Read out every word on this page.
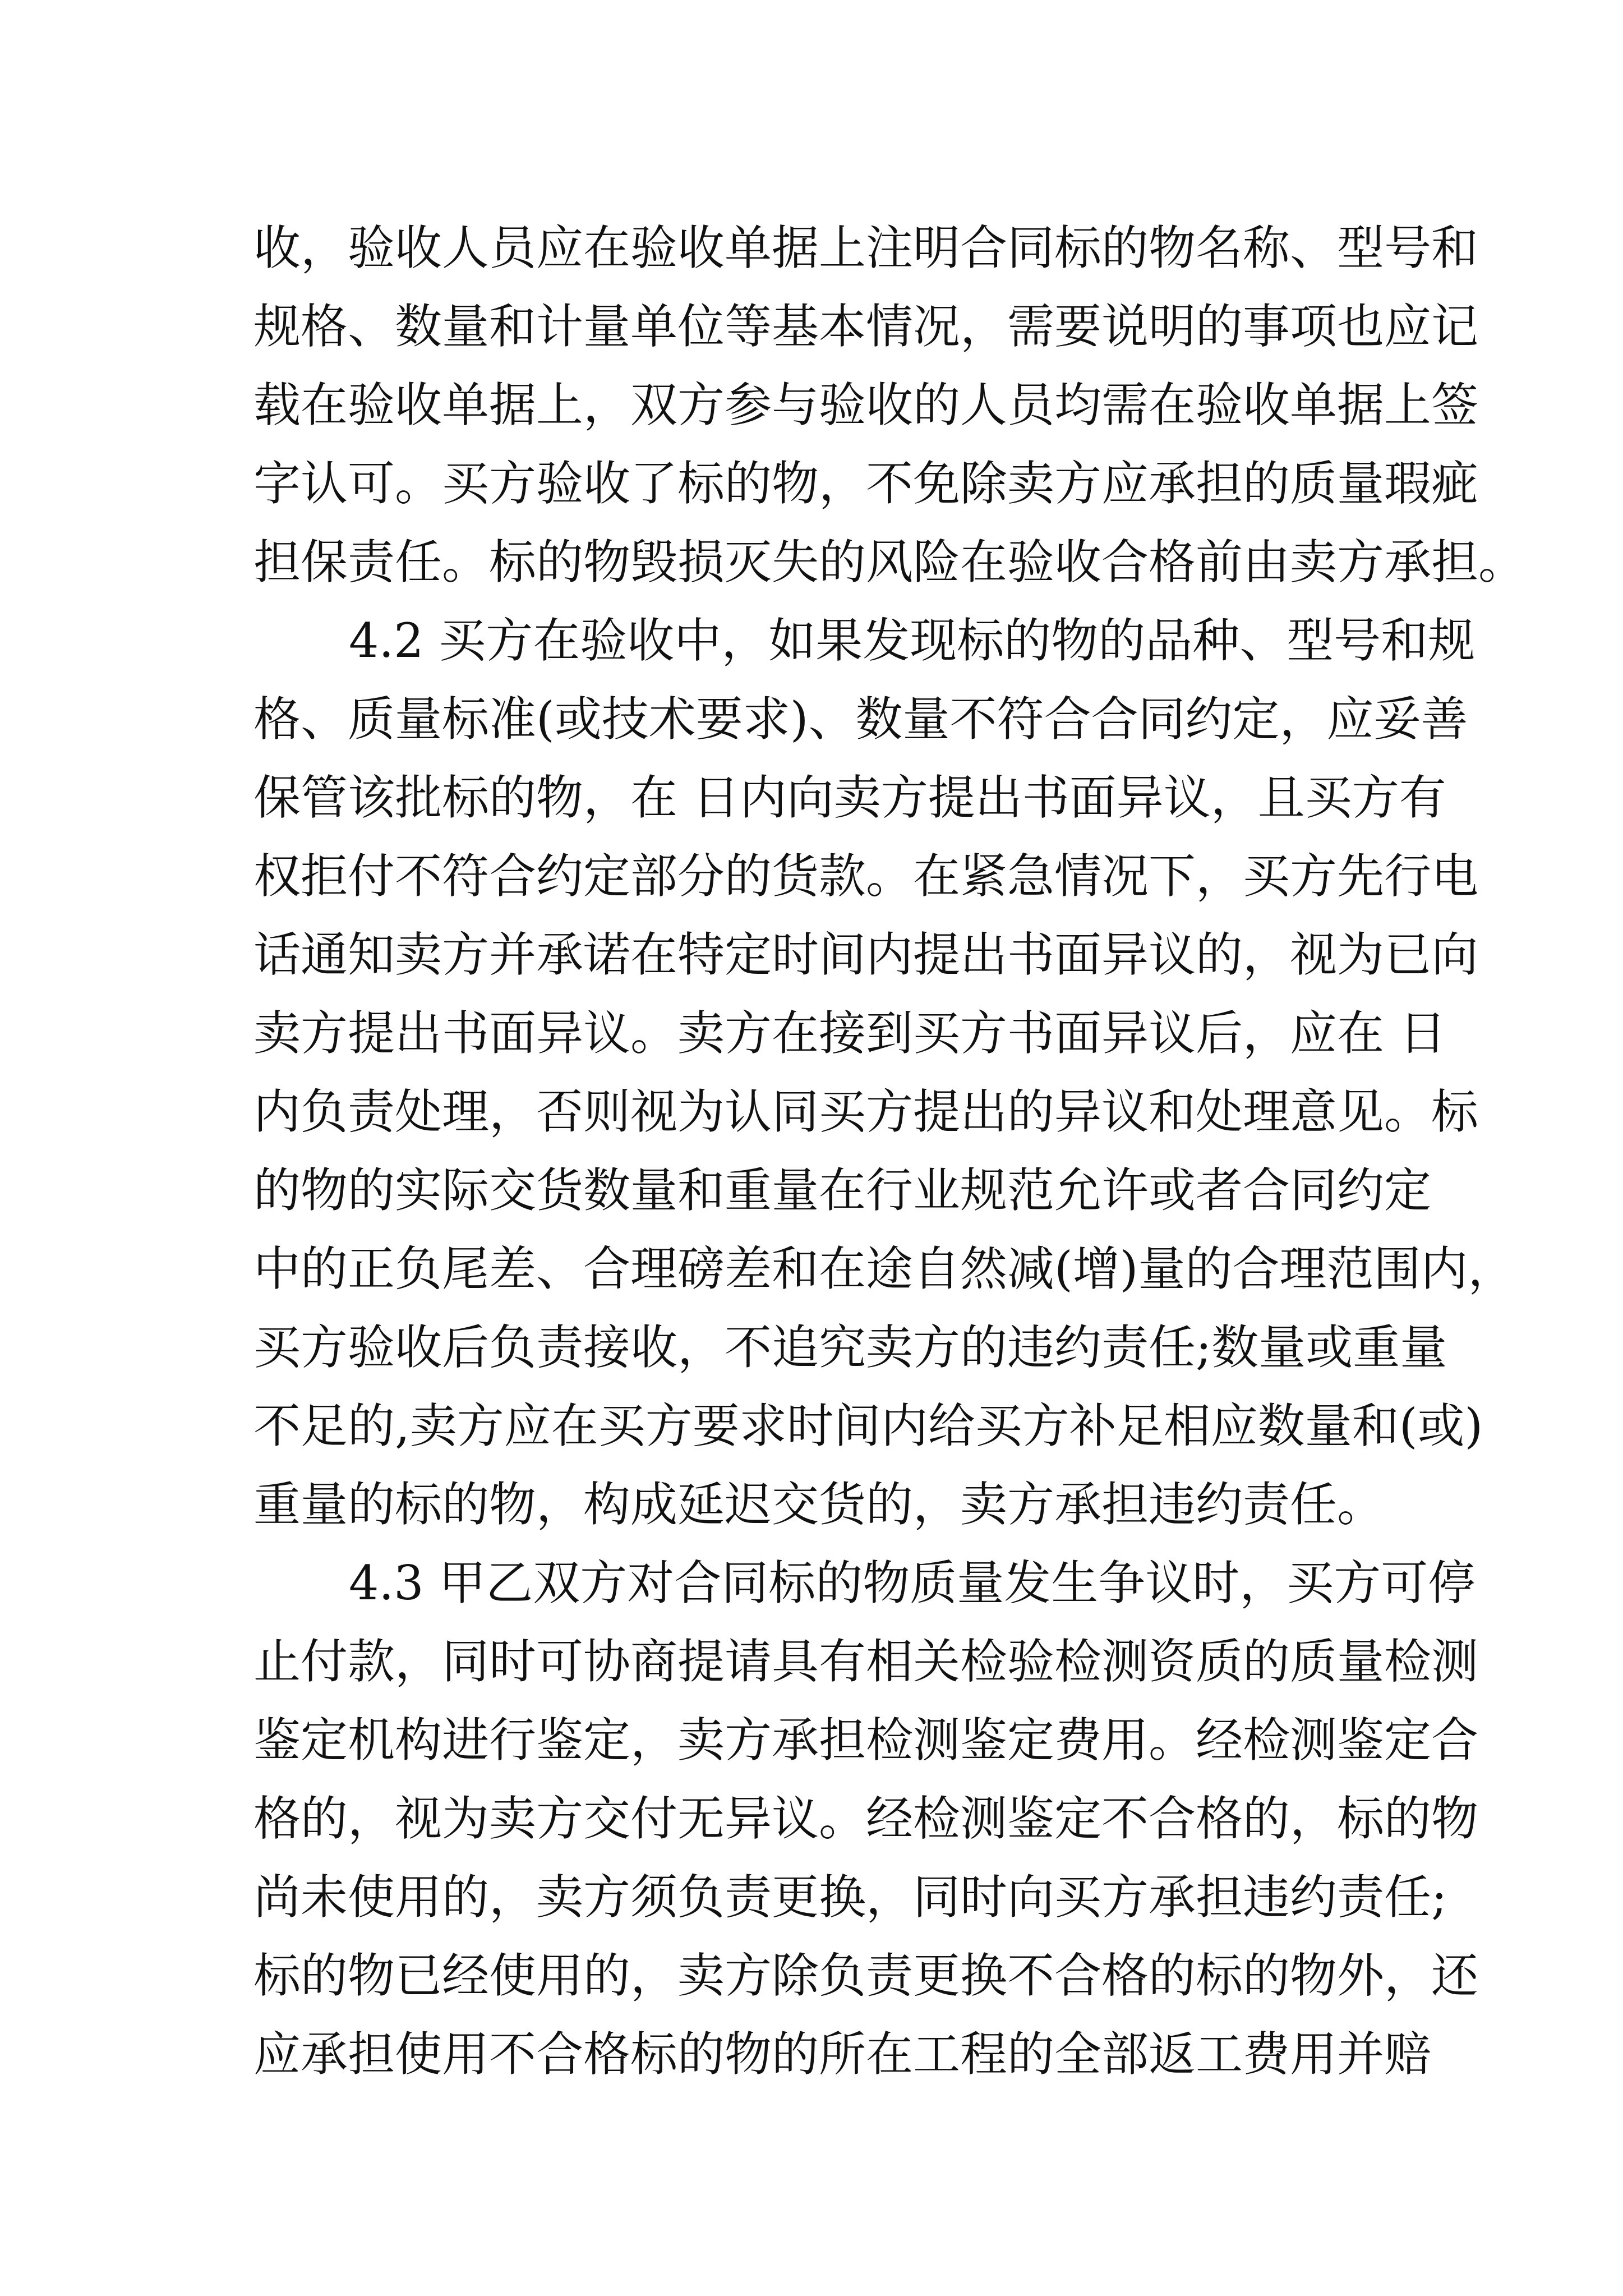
收，验收人员应在验收单据上注明合同标的物名称、型号和
规格、数量和计量单位等基本情况，需要说明的事项也应记
载在验收单据上，双方参与验收的人员均需在验收单据上签
字认可。买方验收了标的物，不免除卖方应承担的质量瑕疵
担保责任。标的物毁损灭失的风险在验收合格前由卖方承担。
4.2 买方在验收中，如果发现标的物的品种、型号和规
格、质量标准(或技术要求)、数量不符合合同约定，应妥善
保管该批标的物，在 日内向卖方提出书面异议，且买方有
权拒付不符合约定部分的货款。在紧急情况下，买方先行电
话通知卖方并承诺在特定时间内提出书面异议的，视为已向
卖方提出书面异议。卖方在接到买方书面异议后，应在 日
内负责处理，否则视为认同买方提出的异议和处理意见。标
的物的实际交货数量和重量在行业规范允许或者合同约定
中的正负尾差、合理磅差和在途自然减(增)量的合理范围内，
买方验收后负责接收，不追究卖方的违约责任;数量或重量
不足的,卖方应在买方要求时间内给买方补足相应数量和(或)
重量的标的物，构成延迟交货的，卖方承担违约责任。
4.3 甲乙双方对合同标的物质量发生争议时，买方可停
止付款，同时可协商提请具有相关检验检测资质的质量检测
鉴定机构进行鉴定，卖方承担检测鉴定费用。经检测鉴定合
格的，视为卖方交付无异议。经检测鉴定不合格的，标的物
尚未使用的，卖方须负责更换，同时向买方承担违约责任;
标的物已经使用的，卖方除负责更换不合格的标的物外，还
应承担使用不合格标的物的所在工程的全部返工费用并赔
